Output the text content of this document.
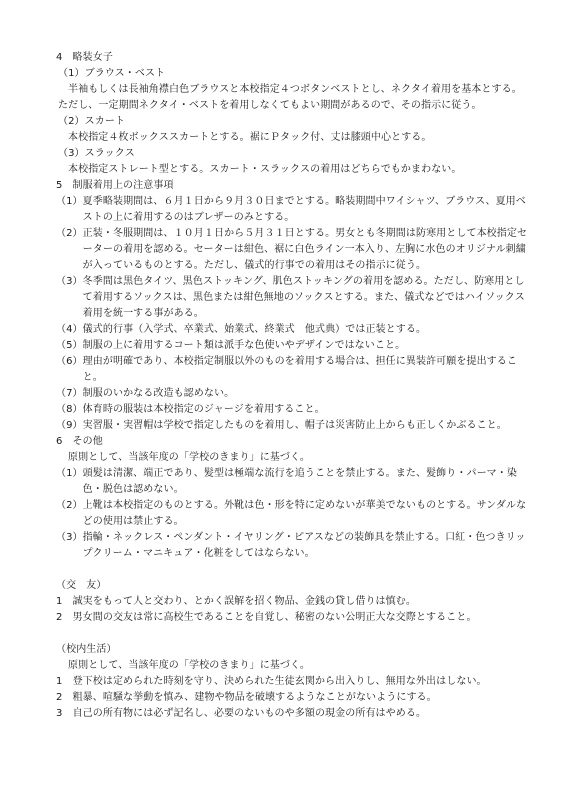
4　略装女子
（1）ブラウス・ベスト
半袖もしくは長袖角襟白色ブラウスと本校指定４つボタンベストとし、ネクタイ着用を基本とする。
ただし、一定期間ネクタイ・ベストを着用しなくてもよい期間があるので、その指示に従う。
（2）スカート
本校指定４枚ボックススカートとする。裾にＰタック付、丈は膝頭中心とする。
（3）スラックス
本校指定ストレート型とする。スカート・スラックスの着用はどちらでもかまわない。
5　制服着用上の注意事項
（1） 夏季略装期間は、６月１日から９月３０日までとする。略装期間中ワイシャツ、ブラウス、夏用ベストの上に着用するのはブレザーのみとする。
（2） 正装・冬服期間は、１０月１日から５月３１日とする。男女とも冬期間は防寒用として本校指定セーターの着用を認める。セーターは紺色、裾に白色ライン一本入り、左胸に水色のオリジナル刺繍が入っているものとする。ただし、儀式的行事での着用はその指示に従う。
（3） 冬季間は黒色タイツ、黒色ストッキング、肌色ストッキングの着用を認める。ただし、防寒用として着用するソックスは、黒色または紺色無地のソックスとする。また、儀式などではハイソックス着用を統一する事がある。
（4） 儀式的行事（入学式、卒業式、始業式、終業式　他式典）では正装とする。
（5） 制服の上に着用するコート類は派手な色使いやデザインではないこと。
（6） 理由が明確であり、本校指定制服以外のものを着用する場合は、担任に異装許可願を提出すること。
（7） 制服のいかなる改造も認めない。
（8） 体育時の服装は本校指定のジャージを着用すること。
（9） 実習服・実習帽は学校で指定したものを着用し、帽子は災害防止上からも正しくかぶること。
6　その他
原則として、当該年度の「学校のきまり」に基づく。
（1） 頭髪は清潔、端正であり、髪型は極端な流行を追うことを禁止する。また、髪飾り・パーマ・染色・脱色は認めない。
（2） 上靴は本校指定のものとする。外靴は色・形を特に定めないが華美でないものとする。サンダルなどの使用は禁止する。
（3） 指輪・ネックレス・ペンダント・イヤリング・ピアスなどの装飾具を禁止する。口紅・色つきリップクリーム・マニキュア・化粧をしてはならない。
（交　友）
1　 誠実をもって人と交わり、とかく誤解を招く物品、金銭の貸し借りは慎む。
2　 男女間の交友は常に高校生であることを自覚し、秘密のない公明正大な交際とすること。
（校内生活）
原則として、当該年度の「学校のきまり」に基づく。
1　 登下校は定められた時刻を守り、決められた生徒玄関から出入りし、無用な外出はしない。
2　 粗暴、喧騒な挙動を慎み、建物や物品を破壊するようなことがないようにする。
3　 自己の所有物には必ず記名し、必要のないものや多額の現金の所有はやめる。
